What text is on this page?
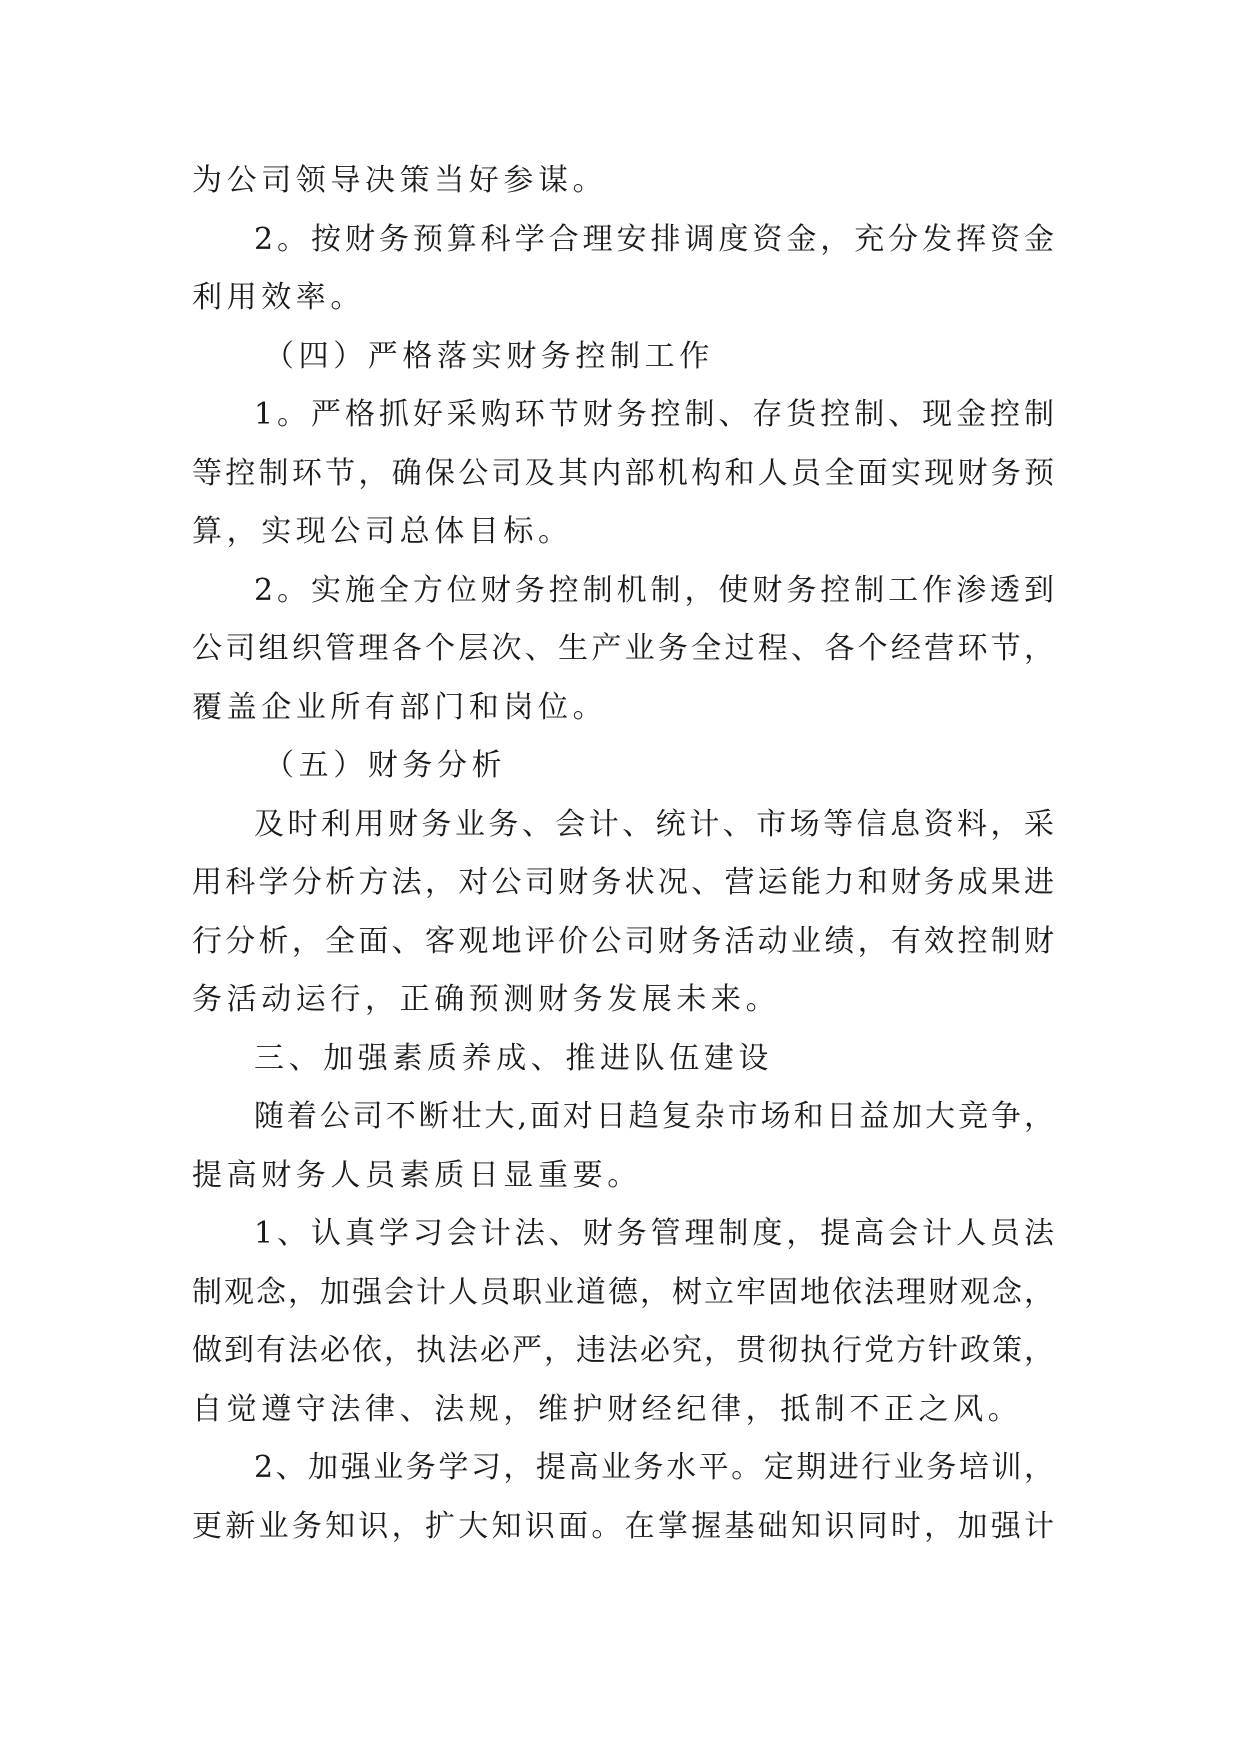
为公司领导决策当好参谋。
2。按财务预算科学合理安排调度资金，充分发挥资金
利用效率。
（四）严格落实财务控制工作
1。严格抓好采购环节财务控制、存货控制、现金控制
等控制环节，确保公司及其内部机构和人员全面实现财务预
算，实现公司总体目标。
2。实施全方位财务控制机制，使财务控制工作渗透到
公司组织管理各个层次、生产业务全过程、各个经营环节，
覆盖企业所有部门和岗位。
（五）财务分析
及时利用财务业务、会计、统计、市场等信息资料，采
用科学分析方法，对公司财务状况、营运能力和财务成果进
行分析，全面、客观地评价公司财务活动业绩，有效控制财
务活动运行，正确预测财务发展未来。
三、加强素质养成、推进队伍建设
随着公司不断壮大,面对日趋复杂市场和日益加大竞争，
提高财务人员素质日显重要。
1、认真学习会计法、财务管理制度，提高会计人员法
制观念，加强会计人员职业道德，树立牢固地依法理财观念，
做到有法必依，执法必严，违法必究，贯彻执行党方针政策，
自觉遵守法律、法规，维护财经纪律，抵制不正之风。
2、加强业务学习，提高业务水平。定期进行业务培训，
更新业务知识，扩大知识面。在掌握基础知识同时，加强计
